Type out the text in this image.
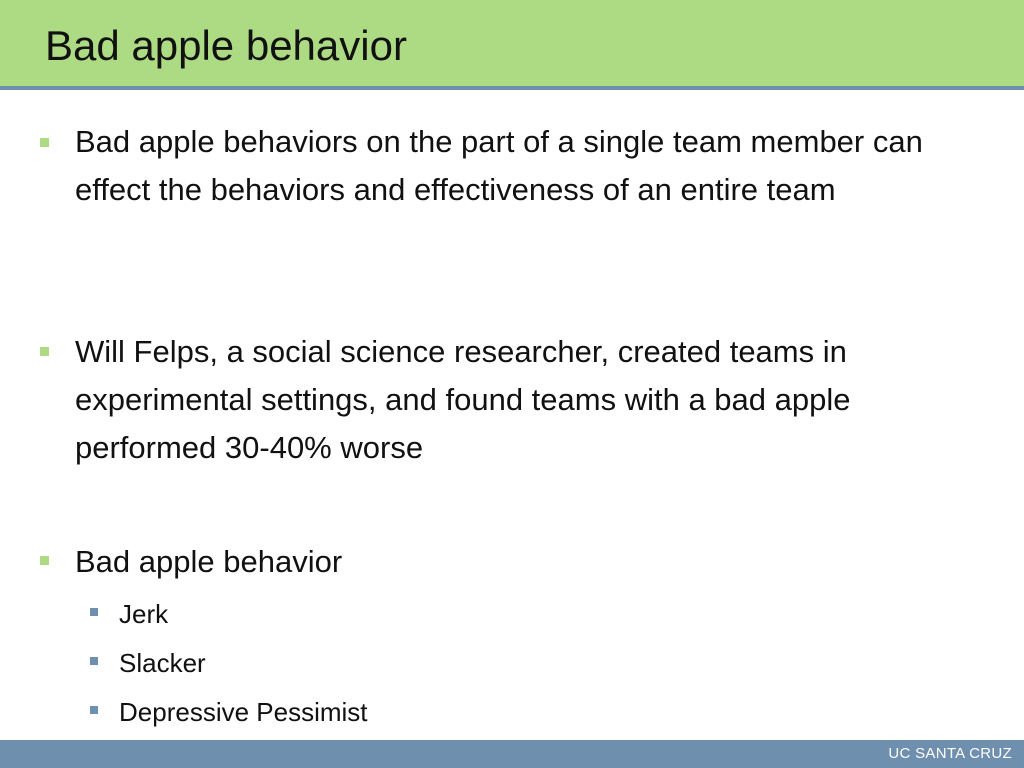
Bad apple behavior
Bad apple behaviors on the part of a single team member can effect the behaviors and effectiveness of an entire team
Will Felps, a social science researcher, created teams in experimental settings, and found teams with a bad apple performed 30-40% worse
Bad apple behavior
Jerk
Slacker
Depressive Pessimist
UC SANTA CRUZ
